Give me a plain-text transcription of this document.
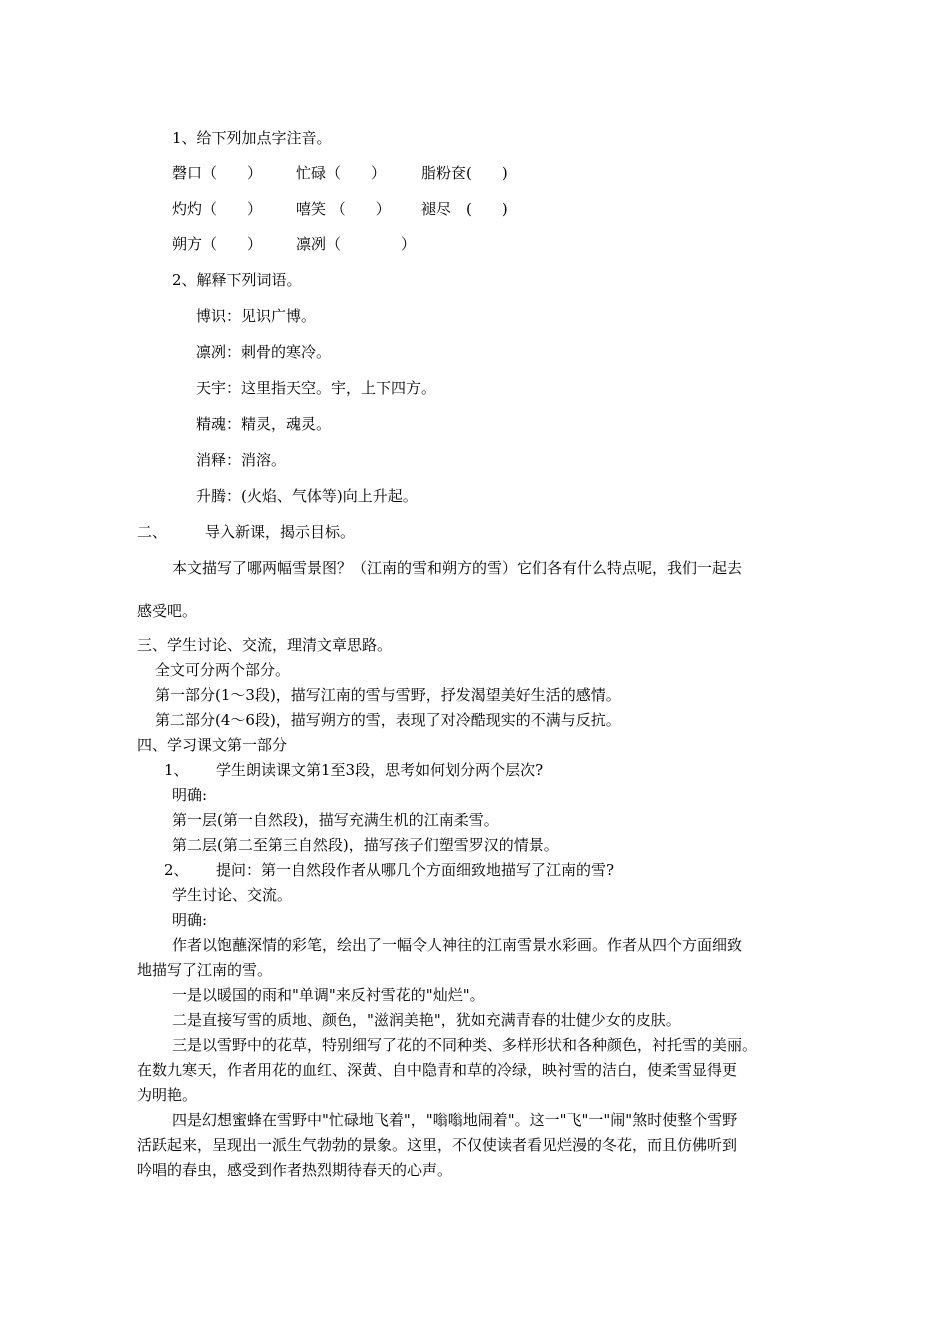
1、给下列加点字注音。
磬口（　　） 忙碌（　　） 脂粉奁(　　)
灼灼（　　） 嘻笑 （　　） 褪尽　(　　)
朔方（　　） 凛冽（　　　　）
2、解释下列词语。
博识：见识广博。
凛冽：刺骨的寒冷。
天宇：这里指天空。宇，上下四方。
精魂：精灵，魂灵。
消释：消溶。
升腾：(火焰、气体等)向上升起。
二、	导入新课，揭示目标。
本文描写了哪两幅雪景图？（江南的雪和朔方的雪）它们各有什么特点呢，我们一起去
感受吧。
三、学生讨论、交流，理清文章思路。
全文可分两个部分。
第一部分(1～3段)，描写江南的雪与雪野，抒发渴望美好生活的感情。
第二部分(4～6段)，描写朔方的雪，表现了对冷酷现实的不满与反抗。
四、学习课文第一部分
1、 学生朗读课文第1至3段，思考如何划分两个层次?
明确:
第一层(第一自然段)，描写充满生机的江南柔雪。
第二层(第二至第三自然段)，描写孩子们塑雪罗汉的情景。
2、 提问：第一自然段作者从哪几个方面细致地描写了江南的雪?
学生讨论、交流。
明确:
作者以饱蘸深情的彩笔，绘出了一幅令人神往的江南雪景水彩画。作者从四个方面细致
地描写了江南的雪。
一是以暖国的雨和"单调"来反衬雪花的"灿烂"。
二是直接写雪的质地、颜色，"滋润美艳"，犹如充满青春的壮健少女的皮肤。
三是以雪野中的花草，特别细写了花的不同种类、多样形状和各种颜色，衬托雪的美丽。
在数九寒天，作者用花的血红、深黄、自中隐青和草的冷绿，映衬雪的洁白，使柔雪显得更
为明艳。
四是幻想蜜蜂在雪野中"忙碌地飞着"，"嗡嗡地闹着"。这一"飞"一"闹"煞时使整个雪野
活跃起来，呈现出一派生气勃勃的景象。这里，不仅使读者看见烂漫的冬花，而且仿佛听到
吟唱的春虫，感受到作者热烈期待春天的心声。
